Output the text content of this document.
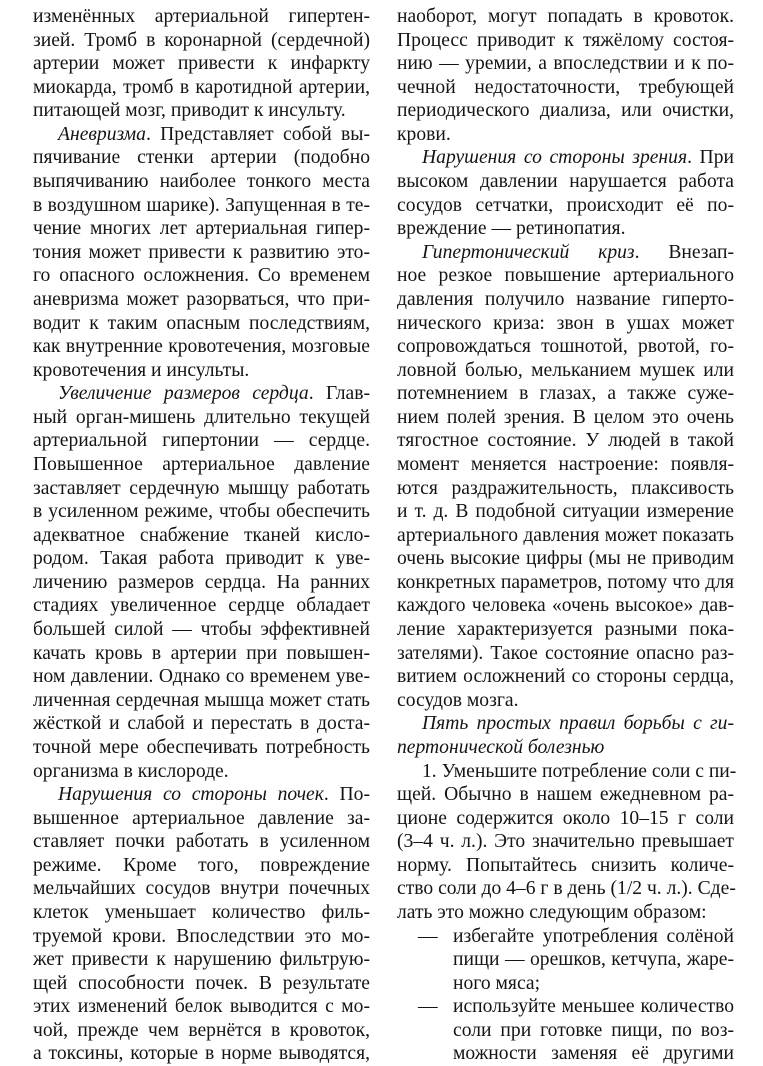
изменённых артериальной гипертен-
зией. Тромб в коронарной (сердечной)
артерии может привести к инфаркту
миокарда, тромб в каротидной артерии,
питающей мозг, приводит к инсульту.
Аневризма. Представляет собой вы-
пячивание стенки артерии (подобно
выпячиванию наиболее тонкого места
в воздушном шарике). Запущенная в те-
чение многих лет артериальная гипер-
тония может привести к развитию это-
го опасного осложнения. Со временем
аневризма может разорваться, что при-
водит к таким опасным последствиям,
как внутренние кровотечения, мозговые
кровотечения и инсульты.
Увеличение размеров сердца. Глав-
ный орган-мишень длительно текущей
артериальной гипертонии — сердце.
Повышенное артериальное давление
заставляет сердечную мышцу работать
в усиленном режиме, чтобы обеспечить
адекватное снабжение тканей кисло-
родом. Такая работа приводит к уве-
личению размеров сердца. На ранних
стадиях увеличенное сердце обладает
большей силой — чтобы эффективней
качать кровь в артерии при повышен-
ном давлении. Однако со временем уве-
личенная сердечная мышца может стать
жёсткой и слабой и перестать в доста-
точной мере обеспечивать потребность
организма в кислороде.
Нарушения со стороны почек. По-
вышенное артериальное давление за-
ставляет почки работать в усиленном
режиме. Кроме того, повреждение
мельчайших сосудов внутри почечных
клеток уменьшает количество филь-
труемой крови. Впоследствии это мо-
жет привести к нарушению фильтрую-
щей способности почек. В результате
этих изменений белок выводится с мо-
чой, прежде чем вернётся в кровоток,
а токсины, которые в норме выводятся,
наоборот, могут попадать в кровоток.
Процесс приводит к тяжёлому состоя-
нию — уремии, а впоследствии и к по-
чечной недостаточности, требующей
периодического диализа, или очистки,
крови.
Нарушения со стороны зрения. При
высоком давлении нарушается работа
сосудов сетчатки, происходит её по-
вреждение — ретинопатия.
Гипертонический криз. Внезап-
ное резкое повышение артериального
давления получило название гиперто-
нического криза: звон в ушах может
сопровождаться тошнотой, рвотой, го-
ловной болью, мельканием мушек или
потемнением в глазах, а также суже-
нием полей зрения. В целом это очень
тягостное состояние. У людей в такой
момент меняется настроение: появля-
ются раздражительность, плаксивость
и т. д. В подобной ситуации измерение
артериального давления может показать
очень высокие цифры (мы не приводим
конкретных параметров, потому что для
каждого человека «очень высокое» дав-
ление характеризуется разными пока-
зателями). Такое состояние опасно раз-
витием осложнений со стороны сердца,
сосудов мозга.
Пять простых правил борьбы с ги-
пертонической болезнью
1. Уменьшите потребление соли с пи-
щей. Обычно в нашем ежедневном ра-
ционе содержится около 10–15 г соли
(3–4 ч. л.). Это значительно превышает
норму. Попытайтесь снизить количе-
ство соли до 4–6 г в день (1/2 ч. л.). Сде-
лать это можно следующим образом:
— избегайте употребления солёной
пищи — орешков, кетчупа, жаре-
ного мяса;
— используйте меньшее количество
соли при готовке пищи, по воз-
можности заменяя её другими
